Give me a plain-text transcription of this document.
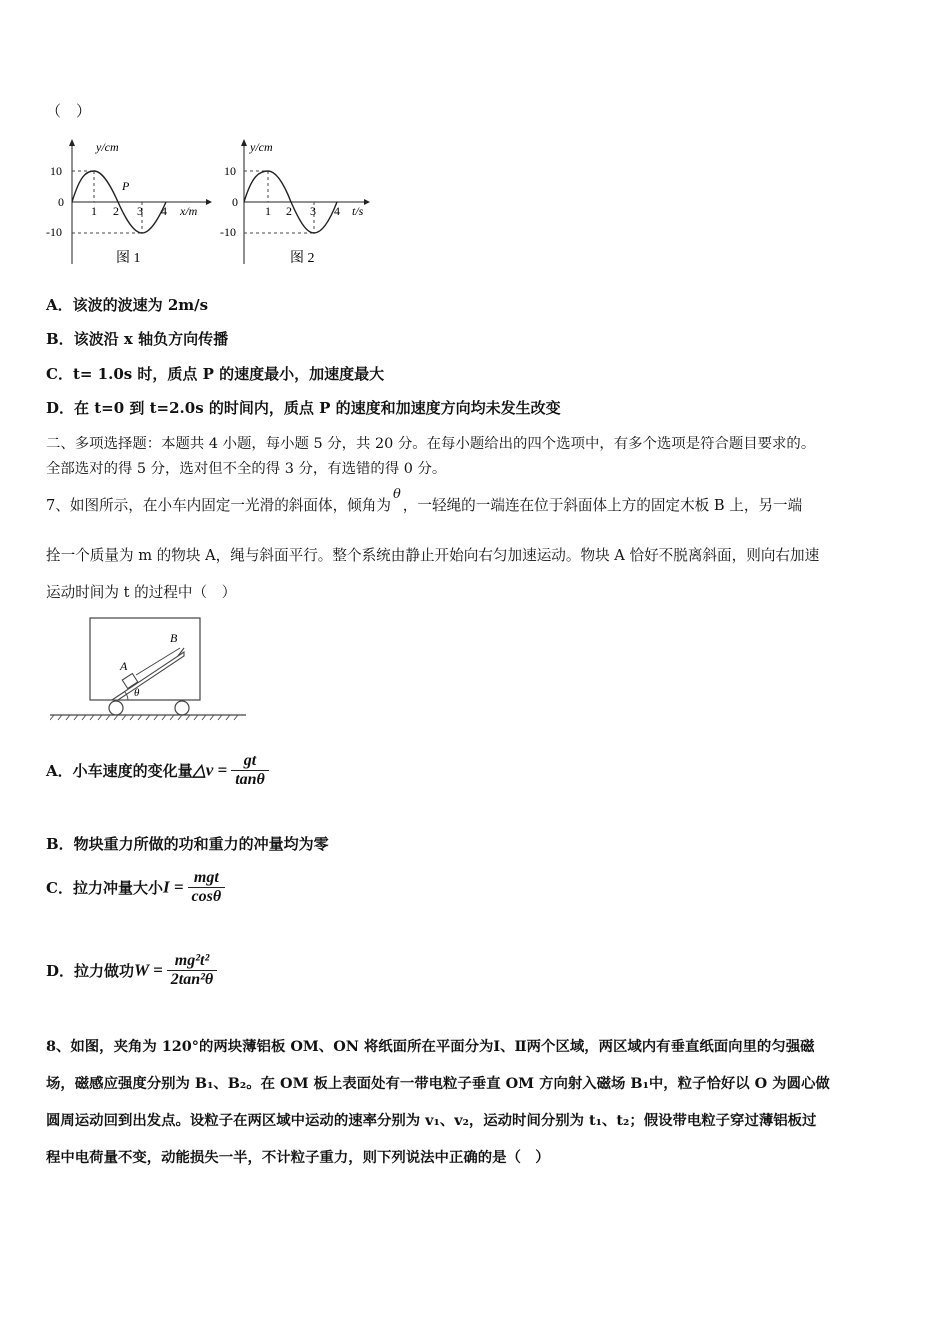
（　）
y/cm
10
0
-10
1 2 3 4 x/m
P
图 1
y/cm
10
0
-10
1 2 3 4 t/s
图 2
A．该波的波速为 2m/s
B．该波沿 x 轴负方向传播
C．t= 1.0s 时，质点 P 的速度最小，加速度最大
D．在 t=0 到 t=2.0s 的时间内，质点 P 的速度和加速度方向均未发生改变
二、多项选择题：本题共 4 小题，每小题 5 分，共 20 分。在每小题给出的四个选项中，有多个选项是符合题目要求的。
全部选对的得 5 分，选对但不全的得 3 分，有选错的得 0 分。
7、如图所示，在小车内固定一光滑的斜面体，倾角为θ，一轻绳的一端连在位于斜面体上方的固定木板 B 上，另一端
拴一个质量为 m 的物块 A，绳与斜面平行。整个系统由静止开始向右匀加速运动。物块 A 恰好不脱离斜面，则向右加速
运动时间为 t 的过程中（　）
A
B
θ
A．小车速度的变化量△v = $\frac{gt}{\tan\theta}$
B．物块重力所做的功和重力的冲量均为零
C．拉力冲量大小$I = \frac{\text{mgt}}{\cos\theta}$
D．拉力做功$W = \frac{\text{mg²t²}}{\text{2tan²θ}}$
8、如图，夹角为 120°的两块薄铝板 OM、ON 将纸面所在平面分为Ⅰ、Ⅱ两个区域，两区域内有垂直纸面向里的匀强磁
场，磁感应强度分别为 B₁、B₂。在 OM 板上表面处有一带电粒子垂直 OM 方向射入磁场 B₁中，粒子恰好以 O 为圆心做
圆周运动回到出发点。设粒子在两区域中运动的速率分别为 v₁、v₂，运动时间分别为 t₁、t₂；假设带电粒子穿过薄铝板过
程中电荷量不变，动能损失一半，不计粒子重力，则下列说法中正确的是（　）
